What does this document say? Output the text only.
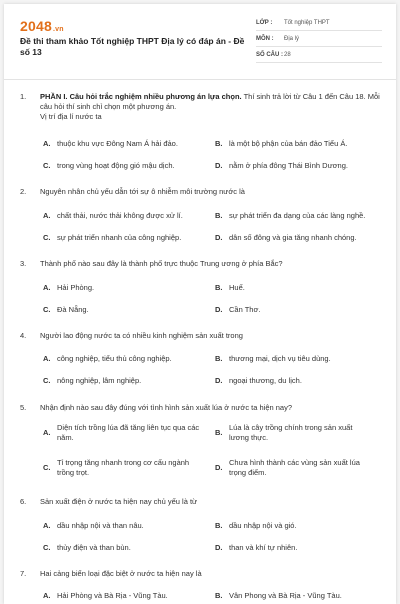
2048.vn
Đề thi tham khảo Tốt nghiệp THPT Địa lý có đáp án - Đề số 13
LỚP :	Tốt nghiệp THPT
MÔN :	Địa lý
SỐ CÂU : 28
1.	PHẦN I. Câu hỏi trắc nghiệm nhiều phương án lựa chọn. Thí sinh trả lời từ Câu 1 đến Câu 18. Mỗi câu hỏi thí sinh chỉ chọn một phương án.
Vị trí địa lí nước ta
A. thuộc khu vực Đông Nam Á hải đảo.	B. là một bộ phận của bán đảo Tiểu Á.
C. trong vùng hoạt động gió mậu dịch.	D. nằm ở phía đông Thái Bình Dương.
2.	Nguyên nhân chủ yếu dẫn tới sự ô nhiễm môi trường nước là
A. chất thải, nước thải không được xử lí.	B. sự phát triển đa dạng của các làng nghề.
C. sự phát triển nhanh của công nghiệp.	D. dân số đông và gia tăng nhanh chóng.
3.	Thành phố nào sau đây là thành phố trực thuộc Trung ương ở phía Bắc?
A. Hải Phòng.	B. Huế.
C. Đà Nẵng.	D. Cần Thơ.
4.	Người lao động nước ta có nhiều kinh nghiệm sản xuất trong
A. công nghiệp, tiểu thủ công nghiệp.	B. thương mại, dịch vụ tiêu dùng.
C. nông nghiệp, lâm nghiệp.	D. ngoại thương, du lịch.
5.	Nhận định nào sau đây đúng với tình hình sản xuất lúa ở nước ta hiện nay?
A.
Diện tích trồng lúa đã tăng liên tục qua các
năm.
B.
Lúa là cây trồng chính trong sản xuất
lương thực.
C.
Tỉ trọng tăng nhanh trong cơ cấu ngành
trồng trọt.
D.
Chưa hình thành các vùng sản xuất lúa
trọng điểm.
6.	Sản xuất điện ở nước ta hiện nay chủ yếu là từ
A. dầu nhập nội và than nâu.	B. dầu nhập nội và gió.
C. thủy điện và than bùn.	D. than và khí tự nhiên.
7.	Hai cảng biển loại đặc biệt ở nước ta hiện nay là
A. Hải Phòng và Bà Rịa - Vũng Tàu.	B. Vân Phong và Bà Rịa - Vũng Tàu.
